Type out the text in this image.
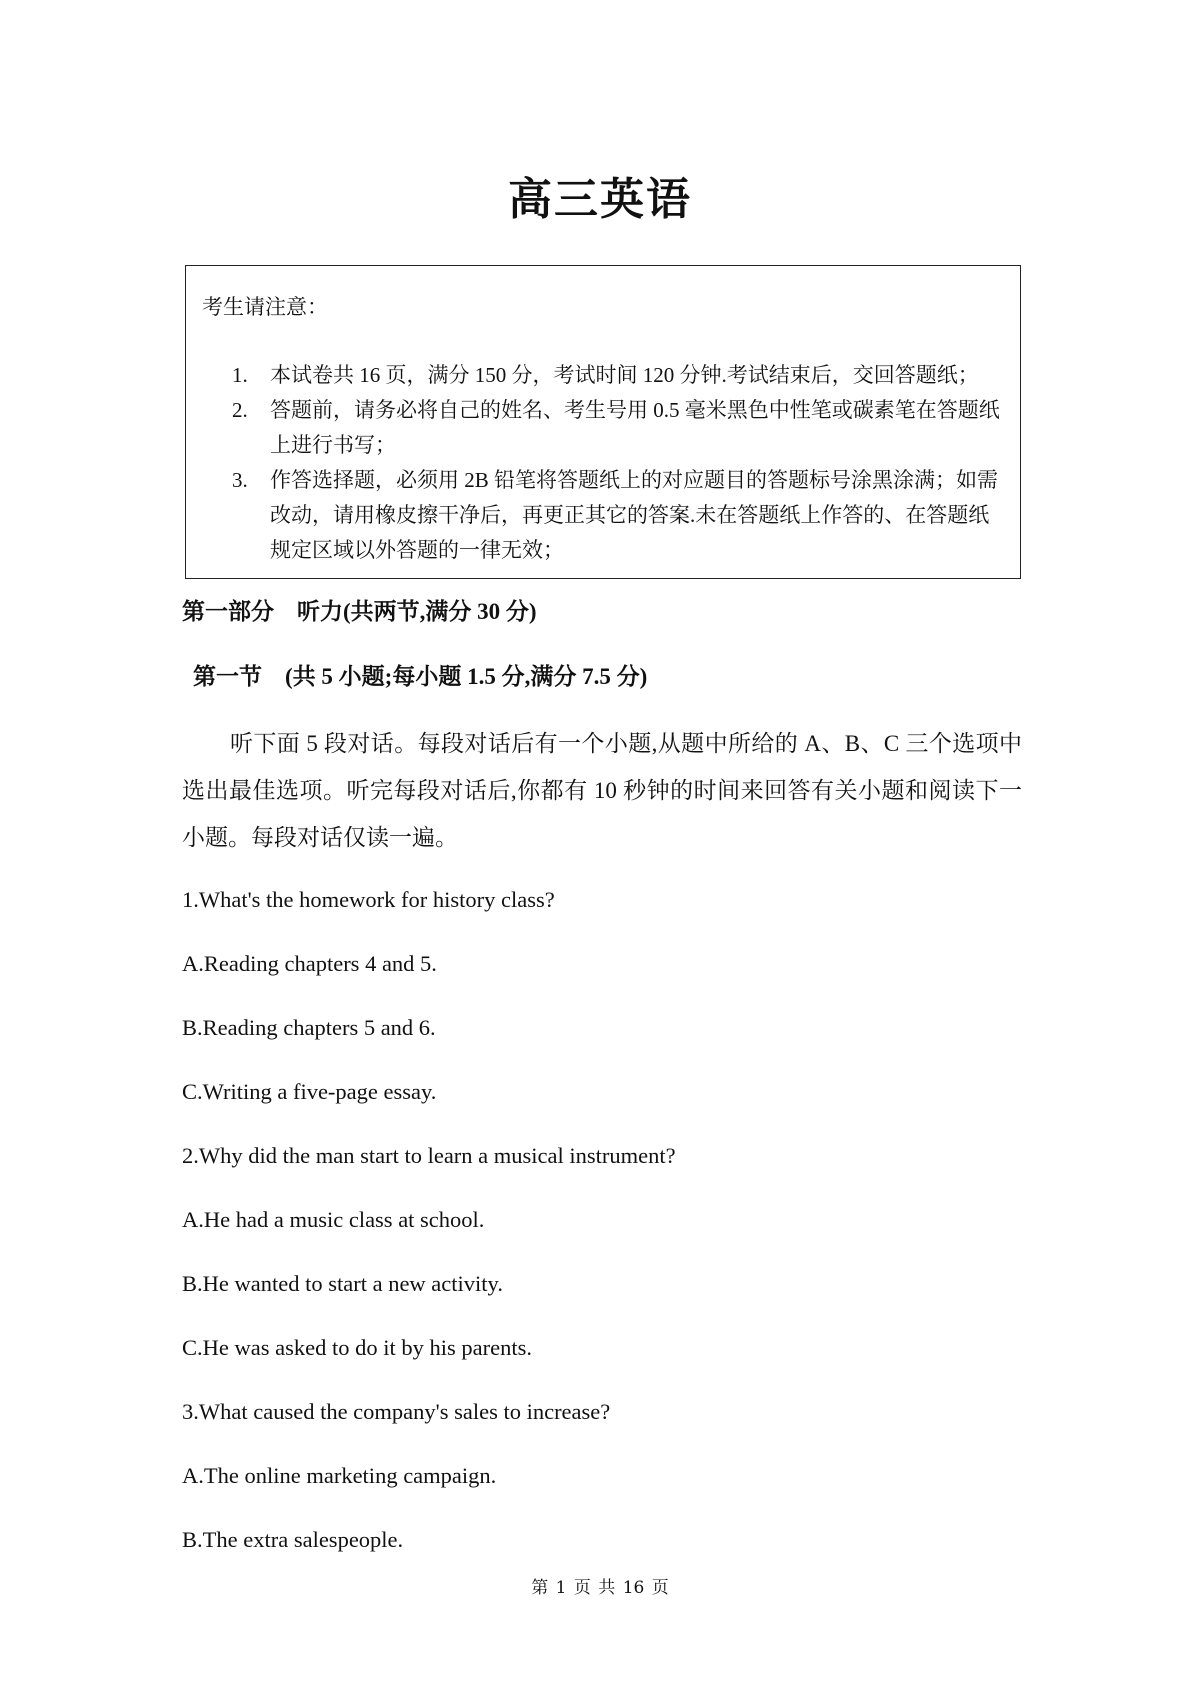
高三英语
考生请注意：
1. 本试卷共 16 页，满分 150 分，考试时间 120 分钟.考试结束后，交回答题纸；
2. 答题前，请务必将自己的姓名、考生号用 0.5 毫米黑色中性笔或碳素笔在答题纸上进行书写；
3. 作答选择题，必须用 2B 铅笔将答题纸上的对应题目的答题标号涂黑涂满；如需改动，请用橡皮擦干净后，再更正其它的答案.未在答题纸上作答的、在答题纸规定区域以外答题的一律无效；
第一部分    听力(共两节,满分 30 分)
第一节    (共 5 小题;每小题 1.5 分,满分 7.5 分)

听下面 5 段对话。每段对话后有一个小题,从题中所给的 A、B、C 三个选项中选出最佳选项。听完每段对话后,你都有 10 秒钟的时间来回答有关小题和阅读下一小题。每段对话仅读一遍。

1.What's the homework for history class?
A.Reading chapters 4 and 5.
B.Reading chapters 5 and 6.
C.Writing a five-page essay.
2.Why did the man start to learn a musical instrument?
A.He had a music class at school.
B.He wanted to start a new activity.
C.He was asked to do it by his parents.
3.What caused the company's sales to increase?
A.The online marketing campaign.
B.The extra salespeople.
第 1 页 共 16 页
